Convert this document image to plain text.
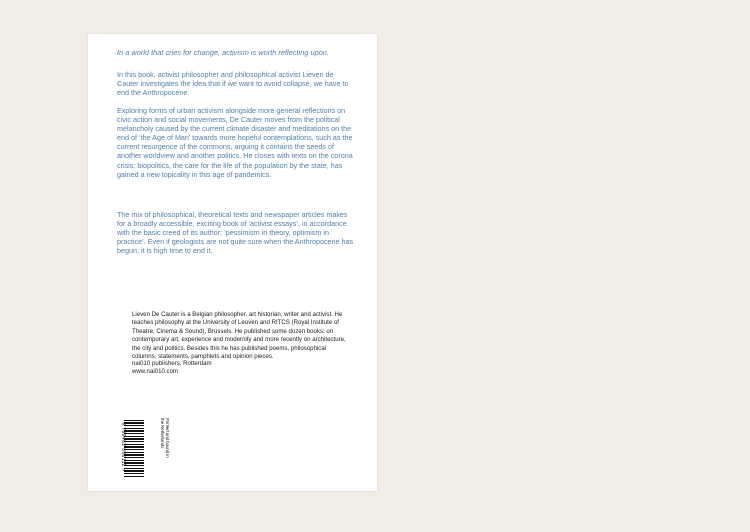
In a world that cries for change, activism is worth reflecting upon.
In this book, activist philosopher and philosophical activist Lieven de Cauter investigates the idea that if we want to avoid collapse, we have to end the Anthropocene.
Exploring forms of urban activism alongside more general reflections on civic action and social movements, De Cauter moves from the political melancholy caused by the current climate disaster and meditations on the end of ‘the Age of Man’ towards more hopeful contemplations, such as the current resurgence of the commons, arguing it contains the seeds of another worldview and another politics. He closes with texts on the corona crisis: biopolitics, the care for the life of the population by the state, has gained a new topicality in this age of pandemics.
The mix of philosophical, theoretical texts and newspaper articles makes for a broadly accessible, exciting book of ‘activist essays’, in accordance with the basic creed of its author: ‘pessimism in theory, optimism in practice’. Even if geologists are not quite sure when the Anthropocene has begun, it is high time to end it.
Lieven De Cauter is a Belgian philosopher, art historian, writer and activist. He teaches philosophy at the University of Leuven and RITCS (Royal Institute of Theatre, Cinema & Sound), Brussels. He published some dozen books: on contemporary art, experience and modernity and more recently on architecture, the city and politics. Besides this he has published poems, philosophical columns, statements, pamphlets and opinion pieces.
nai010 publishers, Rotterdam
www.nai010.com
9 789462 086111 >	Printed and bound in
the Netherlands
